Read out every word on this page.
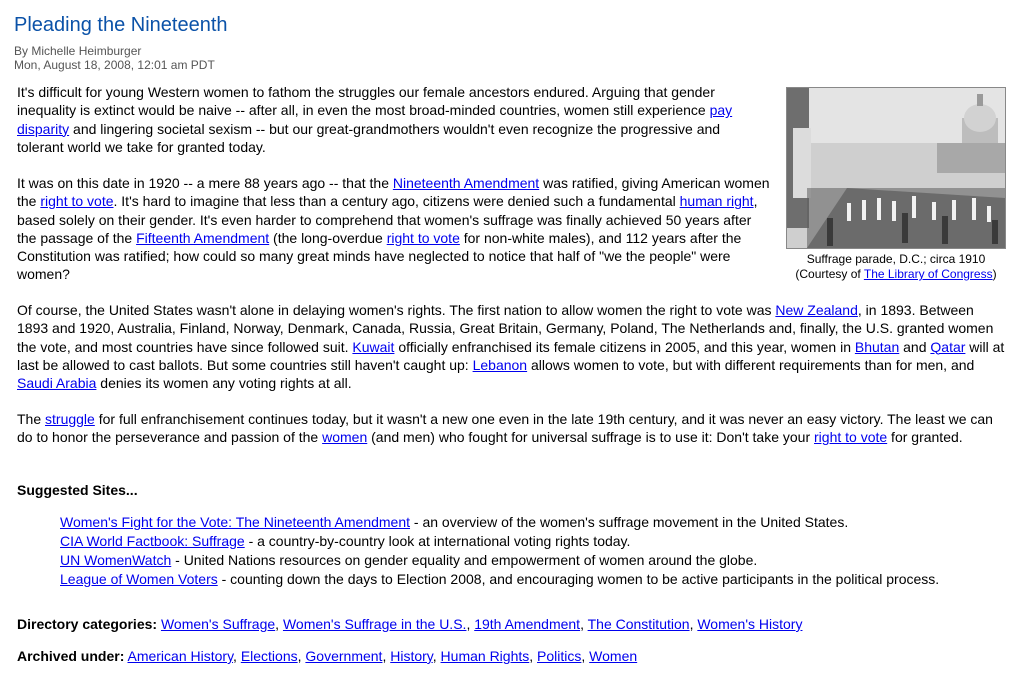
Pleading the Nineteenth
By Michelle Heimburger
Mon, August 18, 2008, 12:01 am PDT
Suffrage parade, D.C.; circa 1910
(Courtesy of The Library of Congress)

It's difficult for young Western women to fathom the struggles our female ancestors endured. Arguing that gender inequality is extinct would be naive -- after all, in even the most broad-minded countries, women still experience pay disparity and lingering societal sexism -- but our great-grandmothers wouldn't even recognize the progressive and tolerant world we take for granted today.

It was on this date in 1920 -- a mere 88 years ago -- that the Nineteenth Amendment was ratified, giving American women the right to vote. It's hard to imagine that less than a century ago, citizens were denied such a fundamental human right, based solely on their gender. It's even harder to comprehend that women's suffrage was finally achieved 50 years after the passage of the Fifteenth Amendment (the long-overdue right to vote for non-white males), and 112 years after the Constitution was ratified; how could so many great minds have neglected to notice that half of "we the people" were women?

Of course, the United States wasn't alone in delaying women's rights. The first nation to allow women the right to vote was New Zealand, in 1893. Between 1893 and 1920, Australia, Finland, Norway, Denmark, Canada, Russia, Great Britain, Germany, Poland, The Netherlands and, finally, the U.S. granted women the vote, and most countries have since followed suit. Kuwait officially enfranchised its female citizens in 2005, and this year, women in Bhutan and Qatar will at last be allowed to cast ballots. But some countries still haven't caught up: Lebanon allows women to vote, but with different requirements than for men, and Saudi Arabia denies its women any voting rights at all.

The struggle for full enfranchisement continues today, but it wasn't a new one even in the late 19th century, and it was never an easy victory. The least we can do to honor the perseverance and passion of the women (and men) who fought for universal suffrage is to use it: Don't take your right to vote for granted.

Suggested Sites...
Women's Fight for the Vote: The Nineteenth Amendment - an overview of the women's suffrage movement in the United States.
CIA World Factbook: Suffrage - a country-by-country look at international voting rights today.
UN WomenWatch - United Nations resources on gender equality and empowerment of women around the globe.
League of Women Voters - counting down the days to Election 2008, and encouraging women to be active participants in the political process.

Directory categories: Women's Suffrage, Women's Suffrage in the U.S., 19th Amendment, The Constitution, Women's History

Archived under: American History, Elections, Government, History, Human Rights, Politics, Women
